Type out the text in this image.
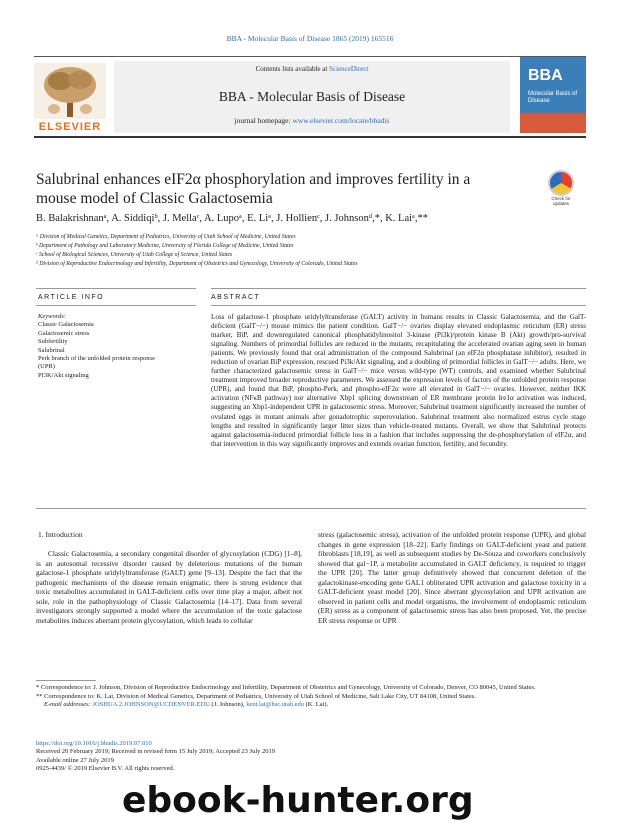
BBA - Molecular Basis of Disease 1865 (2019) 165516
ELSEVIER
Contents lists available at ScienceDirect
BBA - Molecular Basis of Disease
journal homepage: www.elsevier.com/locate/bbadis
BBA
Molecular Basis of Disease
Salubrinal enhances eIF2α phosphorylation and improves fertility in a
mouse model of Classic Galactosemia	Check for
updates
B. Balakrishnanᵃ, A. Siddiqiᵇ, J. Mellaᶜ, A. Lupoᵃ, E. Liᵃ, J. Hollienᶜ, J. Johnsonᵈ,*, K. Laiᵃ,**
ᵃ Division of Medical Genetics, Department of Pediatrics, University of Utah School of Medicine, United States
ᵇ Department of Pathology and Laboratory Medicine, University of Florida College of Medicine, United States
ᶜ School of Biological Sciences, University of Utah College of Science, United States
ᵈ Division of Reproductive Endocrinology and Infertility, Department of Obstetrics and Gynecology, University of Colorado, United States
ARTICLE INFO	ABSTRACT
Keywords:
Classic Galactosemia
Galactosemic stress
Subfertility
Salubrinal
Perk branch of the unfolded protein response
(UPR)
PI3K/Akt signaling
Loss of galactose-1 phosphate uridylyltransferase (GALT) activity in humans results in Classic Galactosemia, and the GalT-deficient (GalT−/−) mouse mimics the patient condition. GalT−/− ovaries display elevated endoplasmic reticulum (ER) stress marker, BiP, and downregulated canonical phosphatidylinositol 3-kinase (Pi3k)/protein kinase B (Akt) growth/pro-survival signaling. Numbers of primordial follicles are reduced in the mutants, recapitulating the accelerated ovarian aging seen in human patients. We previously found that oral administration of the compound Salubrinal (an eIF2α phosphatase inhibitor), resulted in reduction of ovarian BiP expression, rescued Pi3k/Akt signaling, and a doubling of primordial follicles in GalT−/− adults. Here, we further characterized galactosemic stress in GalT−/− mice versus wild-type (WT) controls, and examined whether Salubrinal treatment improved broader reproductive parameters. We assessed the expression levels of factors of the unfolded protein response (UPR), and found that BiP, phospho-Perk, and phospho-eIF2α were all elevated in GalT−/− ovaries. However, neither IKK activation (NFκB pathway) nor alternative Xbp1 splicing downstream of ER membrane protein Ire1α activation was induced, suggesting an Xbp1-independent UPR in galactosemic stress. Moreover, Salubrinal treatment significantly increased the number of ovulated eggs in mutant animals after gonadotrophic superovulation. Salubrinal treatment also normalized estrus cycle stage lengths and resulted in significantly larger litter sizes than vehicle-treated mutants. Overall, we show that Salubrinal protects against galactosemia-induced primordial follicle loss in a fashion that includes suppressing the de-phosphorylation of eIF2α, and that intervention in this way significantly improves and extends ovarian function, fertility, and fecundity.
1. Introduction
Classic Galactosemia, a secondary congenital disorder of glycosylation (CDG) [1–8], is an autosomal recessive disorder caused by deleterious mutations of the human galactose-1 phosphate uridylyltransferase (GALT) gene [9–13]. Despite the fact that the pathogenic mechanisms of the disease remain enigmatic, there is strong evidence that toxic metabolites accumulated in GALT-deficient cells over time play a major, albeit not sole, role in the pathophysiology of Classic Galactosemia [14–17]. Data from several investigators strongly supported a model where the accumulation of the toxic galactose metabolites induces aberrant protein glycosylation, which leads to cellular
stress (galactosemic stress), activation of the unfolded protein response (UPR), and global changes in gene expression [18–22]. Early findings on GALT-deficient yeast and patient fibroblasts [18,19], as well as subsequent studies by De-Souza and coworkers conclusively showed that gal−1P, a metabolite accumulated in GALT deficiency, is required to trigger the UPR [20]. The latter group definitively showed that concurrent deletion of the galactokinase-encoding gene GAL1 obliterated UPR activation and galactose toxicity in a GALT-deficient yeast model [20]. Since aberrant glycosylation and UPR activation are observed in patient cells and model organisms, the involvement of endoplasmic reticulum (ER) stress as a component of galactosemic stress has also been proposed. Yet, the precise ER stress response or UPR
* Correspondence to: J. Johnson, Division of Reproductive Endocrinology and Infertility, Department of Obstetrics and Gynecology, University of Colorado, Denver, CO 80045, United States.
** Correspondence to: K. Lai, Division of Medical Genetics, Department of Pediatrics, University of Utah School of Medicine, Salt Lake City, UT 84108, United States.
E-mail addresses: JOSHUA.2.JOHNSON@UCDENVER.EDU (J. Johnson), kent.lai@hsc.utah.edu (K. Lai).
https://doi.org/10.1016/j.bbadis.2019.07.010
Received 20 February 2019; Received in revised form 15 July 2019; Accepted 23 July 2019
Available online 27 July 2019
0925-4439/ © 2019 Elsevier B.V. All rights reserved.
ebook-hunter.org
